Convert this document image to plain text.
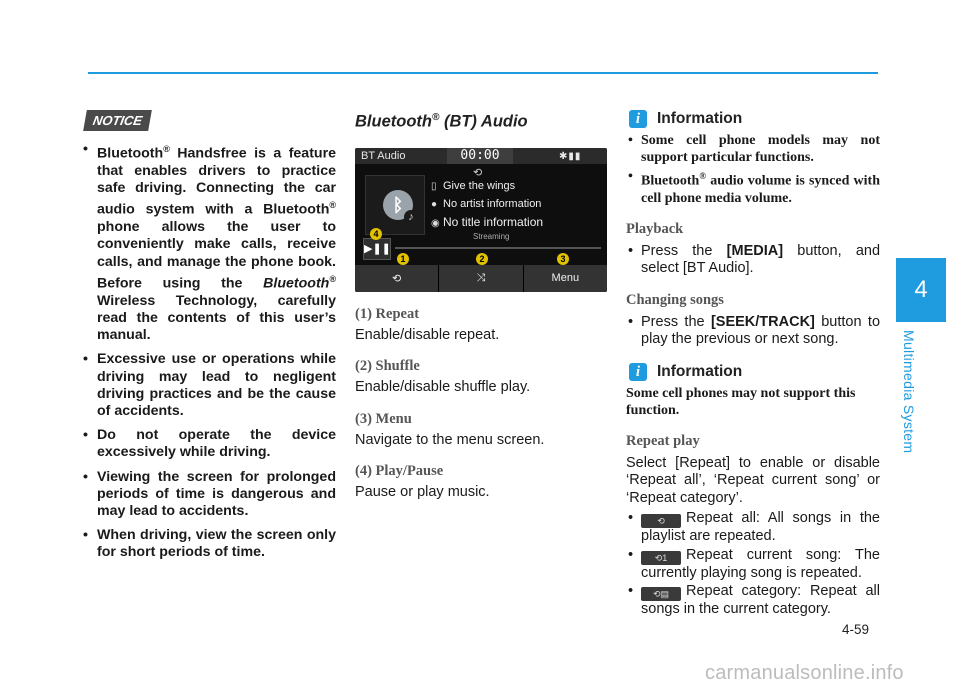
4
Multimedia System
NOTICE
• Bluetooth® Handsfree is a feature that enables drivers to practice safe driving. Connecting the car audio system with a Bluetooth® phone allows the user to conveniently make calls, receive calls, and manage the phone book. Before using the Bluetooth® Wireless Technology, carefully read the contents of this user’s manual.
• Excessive use or operations while driving may lead to negligent driving practices and be the cause of accidents.
• Do not operate the device excessively while driving.
• Viewing the screen for prolonged periods of time is dangerous and may lead to accidents.
• When driving, view the screen only for short periods of time.
Bluetooth® (BT) Audio
BT Audio	00:00	✱▮▮
ᛒ
♪
⟲
▯ Give the wings
● No artist information
◉ No title information
Streaming
▶❚❚
⟲	⤨	Menu
1	2	3
4
(1) Repeat
Enable/disable repeat.
(2) Shuffle
Enable/disable shuffle play.
(3) Menu
Navigate to the menu screen.
(4) Play/Pause
Pause or play music.
i	Information
• Some cell phone models may not support particular functions.
• Bluetooth® audio volume is synced with cell phone media volume.
Playback
• Press the [MEDIA] button, and select [BT Audio].
Changing songs
• Press the [SEEK/TRACK] button to play the previous or next song.
i	Information
Some cell phones may not support this function.
Repeat play
Select [Repeat] to enable or disable ‘Repeat all’, ‘Repeat current song’ or ‘Repeat category’.
• ⟲ Repeat all: All songs in the playlist are repeated.
• ⟲1 Repeat current song: The currently playing song is repeated.
• ⟲▤ Repeat category: Repeat all songs in the current category.
4-59
carmanualsonline.info
